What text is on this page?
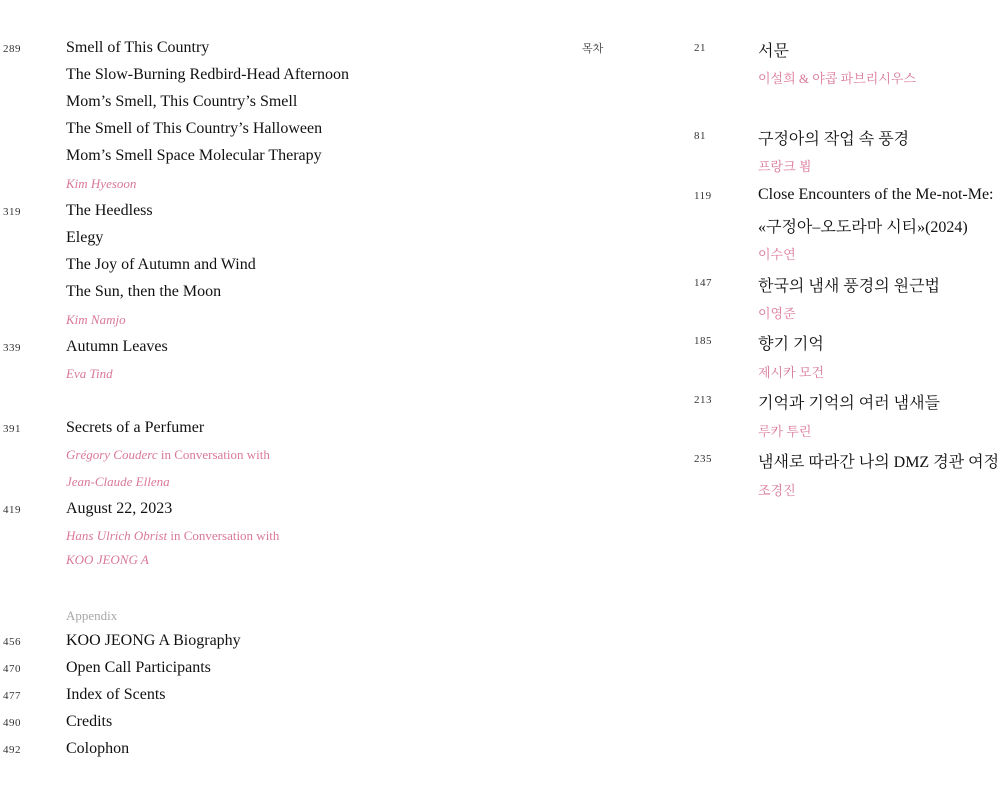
289	Smell of This Country
The Slow-Burning Redbird-Head Afternoon
Mom’s Smell, This Country’s Smell
The Smell of This Country’s Halloween
Mom’s Smell Space Molecular Therapy
Kim Hyesoon
319	The Heedless
Elegy
The Joy of Autumn and Wind
The Sun, then the Moon
Kim Namjo
339	Autumn Leaves
Eva Tind
391	Secrets of a Perfumer
Grégory Couderc in Conversation with
Jean-Claude Ellena
419	August 22, 2023
Hans Ulrich Obrist in Conversation with
KOO JEONG A
Appendix
456	KOO JEONG A Biography
470	Open Call Participants
477	Index of Scents
490	Credits
492	Colophon
목차	21	서문
이설희 & 야콥 파브리시우스
81	구정아의 작업 속 풍경
프랑크 뵘
119	Close Encounters of the Me-not-Me:
«구정아–오도라마 시티»(2024)
이수연
147	한국의 냄새 풍경의 원근법
이영준
185	향기 기억
제시카 모건
213	기억과 기억의 여러 냄새들
루카 투린
235	냄새로 따라간 나의 DMZ 경관 여정
조경진
